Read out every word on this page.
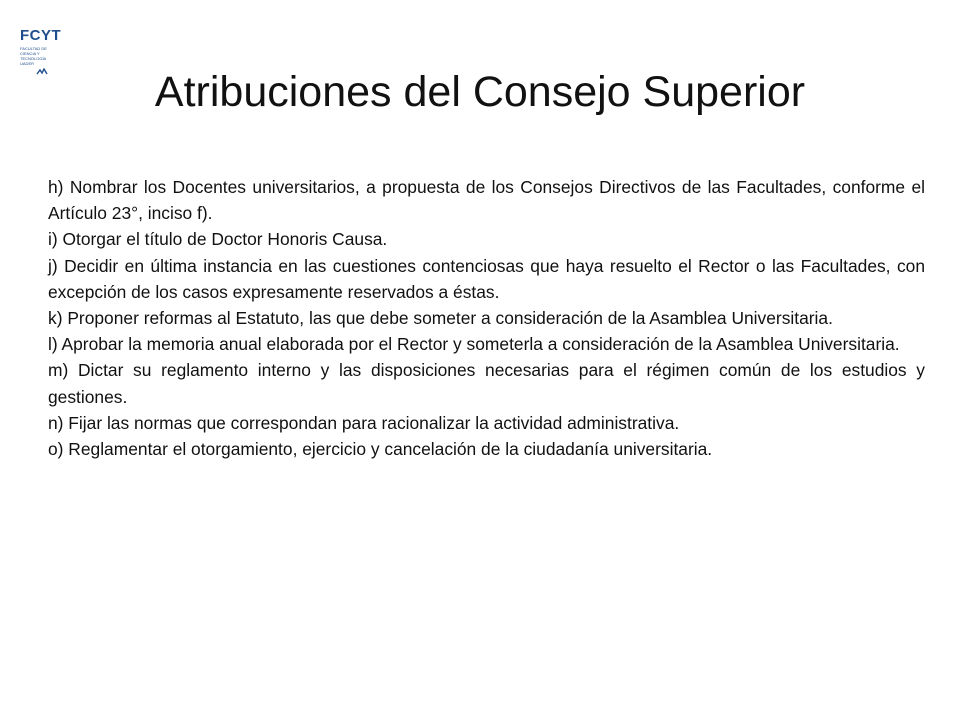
FCYT
FACULTAD DE CIENCIA Y TECNOLOGÍA UADER
Atribuciones del Consejo Superior

h) Nombrar los Docentes universitarios, a propuesta de los Consejos Directivos de las Facultades, conforme el Artículo 23°, inciso f).

i) Otorgar el título de Doctor Honoris Causa.

j) Decidir en última instancia en las cuestiones contenciosas que haya resuelto el Rector o las Facultades, con excepción de los casos expresamente reservados a éstas.

k) Proponer reformas al Estatuto, las que debe someter a consideración de la Asamblea Universitaria.

l) Aprobar la memoria anual elaborada por el Rector y someterla a consideración de la Asamblea Universitaria.

m) Dictar su reglamento interno y las disposiciones necesarias para el régimen común de los estudios y gestiones.

n) Fijar las normas que correspondan para racionalizar la actividad administrativa.

o) Reglamentar el otorgamiento, ejercicio y cancelación de la ciudadanía universitaria.
